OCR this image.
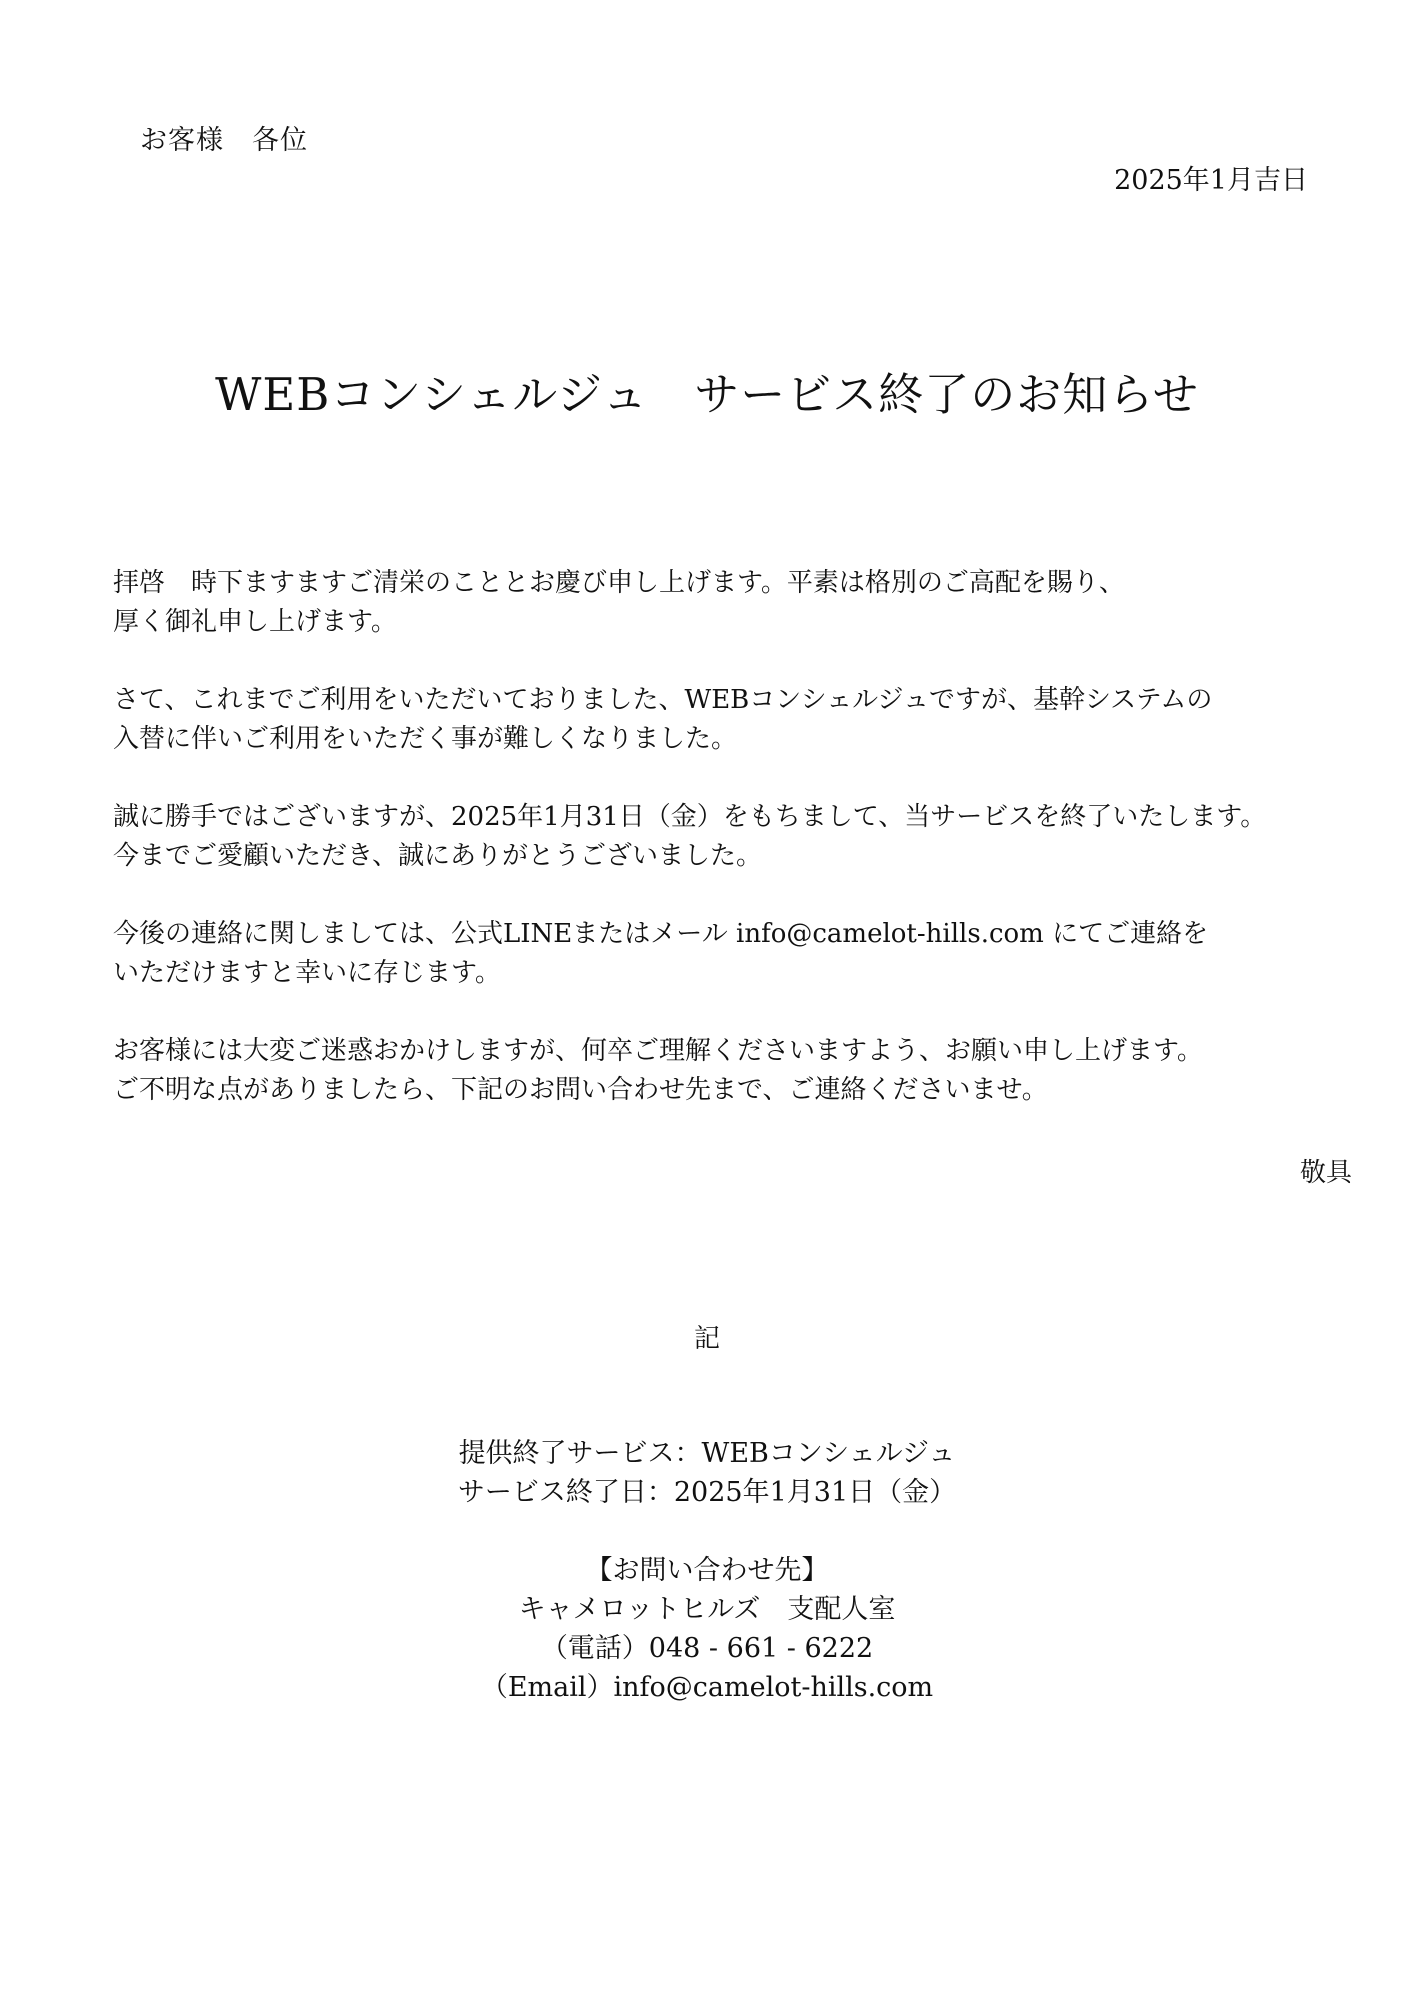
お客様　各位
2025年1月吉日
WEBコンシェルジュ　サービス終了のお知らせ
拝啓　時下ますますご清栄のこととお慶び申し上げます。平素は格別のご高配を賜り、
厚く御礼申し上げます。
さて、これまでご利用をいただいておりました、WEBコンシェルジュですが、基幹システムの
入替に伴いご利用をいただく事が難しくなりました。
誠に勝手ではございますが、2025年1月31日（金）をもちまして、当サービスを終了いたします。
今までご愛顧いただき、誠にありがとうございました。
今後の連絡に関しましては、公式LINEまたはメール info@camelot-hills.com にてご連絡を
いただけますと幸いに存じます。
お客様には大変ご迷惑おかけしますが、何卒ご理解くださいますよう、お願い申し上げます。
ご不明な点がありましたら、下記のお問い合わせ先まで、ご連絡くださいませ。
敬具
記
提供終了サービス：WEBコンシェルジュ
サービス終了日：2025年1月31日（金）
【お問い合わせ先】
キャメロットヒルズ　支配人室
（電話）048 - 661 - 6222
（Email）info@camelot-hills.com
